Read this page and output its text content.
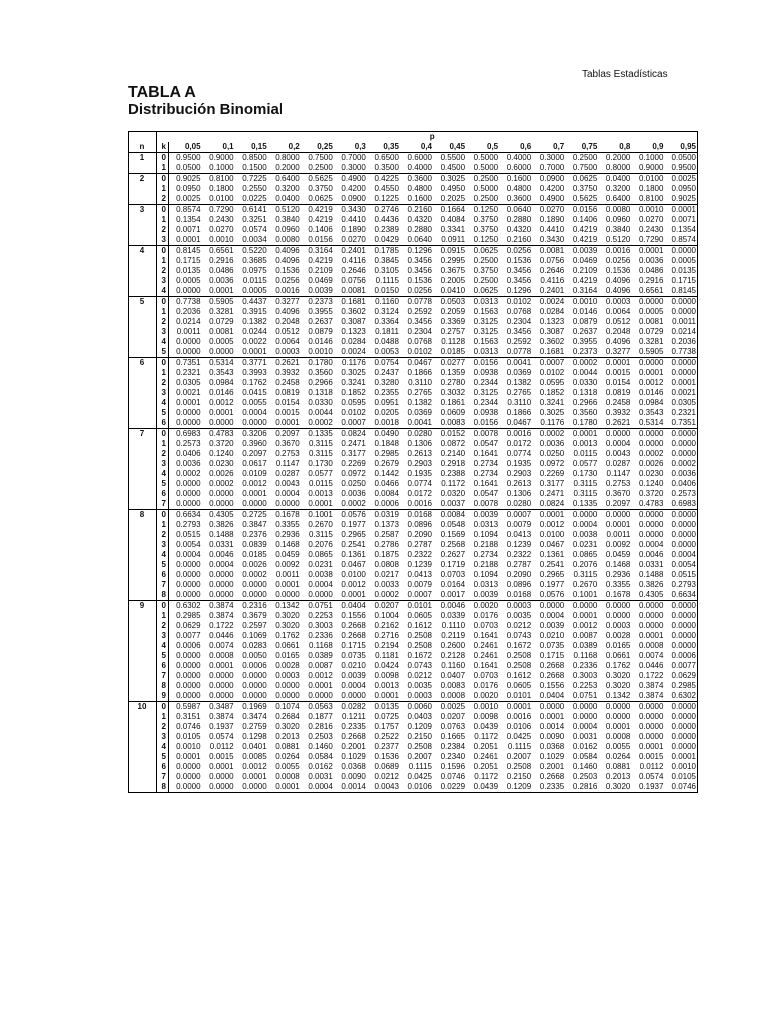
Tablas Estadísticas
TABLA A
Distribución Binomial
		p															
n	k	0,05	0,1	0,15	0,2	0,25	0,3	0,35	0,4	0,45	0,5	0,6	0,7	0,75	0,8	0,9	0,95
1	0	0.9500	0.9000	0.8500	0.8000	0.7500	0.7000	0.6500	0.6000	0.5500	0.5000	0.4000	0.3000	0.2500	0.2000	0.1000	0.0500
	1	0.0500	0.1000	0.1500	0.2000	0.2500	0.3000	0.3500	0.4000	0.4500	0.5000	0.6000	0.7000	0.7500	0.8000	0.9000	0.9500
2	0	0.9025	0.8100	0.7225	0.6400	0.5625	0.4900	0.4225	0.3600	0.3025	0.2500	0.1600	0.0900	0.0625	0.0400	0.0100	0.0025
	1	0.0950	0.1800	0.2550	0.3200	0.3750	0.4200	0.4550	0.4800	0.4950	0.5000	0.4800	0.4200	0.3750	0.3200	0.1800	0.0950
	2	0.0025	0.0100	0.0225	0.0400	0.0625	0.0900	0.1225	0.1600	0.2025	0.2500	0.3600	0.4900	0.5625	0.6400	0.8100	0.9025
3	0	0.8574	0.7290	0.6141	0.5120	0.4219	0.3430	0.2746	0.2160	0.1664	0.1250	0.0640	0.0270	0.0156	0.0080	0.0010	0.0001
	1	0.1354	0.2430	0.3251	0.3840	0.4219	0.4410	0.4436	0.4320	0.4084	0.3750	0.2880	0.1890	0.1406	0.0960	0.0270	0.0071
	2	0.0071	0.0270	0.0574	0.0960	0.1406	0.1890	0.2389	0.2880	0.3341	0.3750	0.4320	0.4410	0.4219	0.3840	0.2430	0.1354
	3	0.0001	0.0010	0.0034	0.0080	0.0156	0.0270	0.0429	0.0640	0.0911	0.1250	0.2160	0.3430	0.4219	0.5120	0.7290	0.8574
4	0	0.8145	0.6561	0.5220	0.4096	0.3164	0.2401	0.1785	0.1296	0.0915	0.0625	0.0256	0.0081	0.0039	0.0016	0.0001	0.0000
	1	0.1715	0.2916	0.3685	0.4096	0.4219	0.4116	0.3845	0.3456	0.2995	0.2500	0.1536	0.0756	0.0469	0.0256	0.0036	0.0005
	2	0.0135	0.0486	0.0975	0.1536	0.2109	0.2646	0.3105	0.3456	0.3675	0.3750	0.3456	0.2646	0.2109	0.1536	0.0486	0.0135
	3	0.0005	0.0036	0.0115	0.0256	0.0469	0.0756	0.1115	0.1536	0.2005	0.2500	0.3456	0.4116	0.4219	0.4096	0.2916	0.1715
	4	0.0000	0.0001	0.0005	0.0016	0.0039	0.0081	0.0150	0.0256	0.0410	0.0625	0.1296	0.2401	0.3164	0.4096	0.6561	0.8145
5	0	0.7738	0.5905	0.4437	0.3277	0.2373	0.1681	0.1160	0.0778	0.0503	0.0313	0.0102	0.0024	0.0010	0.0003	0.0000	0.0000
	1	0.2036	0.3281	0.3915	0.4096	0.3955	0.3602	0.3124	0.2592	0.2059	0.1563	0.0768	0.0284	0.0146	0.0064	0.0005	0.0000
	2	0.0214	0.0729	0.1382	0.2048	0.2637	0.3087	0.3364	0.3456	0.3369	0.3125	0.2304	0.1323	0.0879	0.0512	0.0081	0.0011
	3	0.0011	0.0081	0.0244	0.0512	0.0879	0.1323	0.1811	0.2304	0.2757	0.3125	0.3456	0.3087	0.2637	0.2048	0.0729	0.0214
	4	0.0000	0.0005	0.0022	0.0064	0.0146	0.0284	0.0488	0.0768	0.1128	0.1563	0.2592	0.3602	0.3955	0.4096	0.3281	0.2036
	5	0.0000	0.0000	0.0001	0.0003	0.0010	0.0024	0.0053	0.0102	0.0185	0.0313	0.0778	0.1681	0.2373	0.3277	0.5905	0.7738
6	0	0.7351	0.5314	0.3771	0.2621	0.1780	0.1176	0.0754	0.0467	0.0277	0.0156	0.0041	0.0007	0.0002	0.0001	0.0000	0.0000
	1	0.2321	0.3543	0.3993	0.3932	0.3560	0.3025	0.2437	0.1866	0.1359	0.0938	0.0369	0.0102	0.0044	0.0015	0.0001	0.0000
	2	0.0305	0.0984	0.1762	0.2458	0.2966	0.3241	0.3280	0.3110	0.2780	0.2344	0.1382	0.0595	0.0330	0.0154	0.0012	0.0001
	3	0.0021	0.0146	0.0415	0.0819	0.1318	0.1852	0.2355	0.2765	0.3032	0.3125	0.2765	0.1852	0.1318	0.0819	0.0146	0.0021
	4	0.0001	0.0012	0.0055	0.0154	0.0330	0.0595	0.0951	0.1382	0.1861	0.2344	0.3110	0.3241	0.2966	0.2458	0.0984	0.0305
	5	0.0000	0.0001	0.0004	0.0015	0.0044	0.0102	0.0205	0.0369	0.0609	0.0938	0.1866	0.3025	0.3560	0.3932	0.3543	0.2321
	6	0.0000	0.0000	0.0000	0.0001	0.0002	0.0007	0.0018	0.0041	0.0083	0.0156	0.0467	0.1176	0.1780	0.2621	0.5314	0.7351
7	0	0.6983	0.4783	0.3206	0.2097	0.1335	0.0824	0.0490	0.0280	0.0152	0.0078	0.0016	0.0002	0.0001	0.0000	0.0000	0.0000
	1	0.2573	0.3720	0.3960	0.3670	0.3115	0.2471	0.1848	0.1306	0.0872	0.0547	0.0172	0.0036	0.0013	0.0004	0.0000	0.0000
	2	0.0406	0.1240	0.2097	0.2753	0.3115	0.3177	0.2985	0.2613	0.2140	0.1641	0.0774	0.0250	0.0115	0.0043	0.0002	0.0000
	3	0.0036	0.0230	0.0617	0.1147	0.1730	0.2269	0.2679	0.2903	0.2918	0.2734	0.1935	0.0972	0.0577	0.0287	0.0026	0.0002
	4	0.0002	0.0026	0.0109	0.0287	0.0577	0.0972	0.1442	0.1935	0.2388	0.2734	0.2903	0.2269	0.1730	0.1147	0.0230	0.0036
	5	0.0000	0.0002	0.0012	0.0043	0.0115	0.0250	0.0466	0.0774	0.1172	0.1641	0.2613	0.3177	0.3115	0.2753	0.1240	0.0406
	6	0.0000	0.0000	0.0001	0.0004	0.0013	0.0036	0.0084	0.0172	0.0320	0.0547	0.1306	0.2471	0.3115	0.3670	0.3720	0.2573
	7	0.0000	0.0000	0.0000	0.0000	0.0001	0.0002	0.0006	0.0016	0.0037	0.0078	0.0280	0.0824	0.1335	0.2097	0.4783	0.6983
8	0	0.6634	0.4305	0.2725	0.1678	0.1001	0.0576	0.0319	0.0168	0.0084	0.0039	0.0007	0.0001	0.0000	0.0000	0.0000	0.0000
	1	0.2793	0.3826	0.3847	0.3355	0.2670	0.1977	0.1373	0.0896	0.0548	0.0313	0.0079	0.0012	0.0004	0.0001	0.0000	0.0000
	2	0.0515	0.1488	0.2376	0.2936	0.3115	0.2965	0.2587	0.2090	0.1569	0.1094	0.0413	0.0100	0.0038	0.0011	0.0000	0.0000
	3	0.0054	0.0331	0.0839	0.1468	0.2076	0.2541	0.2786	0.2787	0.2568	0.2188	0.1239	0.0467	0.0231	0.0092	0.0004	0.0000
	4	0.0004	0.0046	0.0185	0.0459	0.0865	0.1361	0.1875	0.2322	0.2627	0.2734	0.2322	0.1361	0.0865	0.0459	0.0046	0.0004
	5	0.0000	0.0004	0.0026	0.0092	0.0231	0.0467	0.0808	0.1239	0.1719	0.2188	0.2787	0.2541	0.2076	0.1468	0.0331	0.0054
	6	0.0000	0.0000	0.0002	0.0011	0.0038	0.0100	0.0217	0.0413	0.0703	0.1094	0.2090	0.2965	0.3115	0.2936	0.1488	0.0515
	7	0.0000	0.0000	0.0000	0.0001	0.0004	0.0012	0.0033	0.0079	0.0164	0.0313	0.0896	0.1977	0.2670	0.3355	0.3826	0.2793
	8	0.0000	0.0000	0.0000	0.0000	0.0000	0.0001	0.0002	0.0007	0.0017	0.0039	0.0168	0.0576	0.1001	0.1678	0.4305	0.6634
9	0	0.6302	0.3874	0.2316	0.1342	0.0751	0.0404	0.0207	0.0101	0.0046	0.0020	0.0003	0.0000	0.0000	0.0000	0.0000	0.0000
	1	0.2985	0.3874	0.3679	0.3020	0.2253	0.1556	0.1004	0.0605	0.0339	0.0176	0.0035	0.0004	0.0001	0.0000	0.0000	0.0000
	2	0.0629	0.1722	0.2597	0.3020	0.3003	0.2668	0.2162	0.1612	0.1110	0.0703	0.0212	0.0039	0.0012	0.0003	0.0000	0.0000
	3	0.0077	0.0446	0.1069	0.1762	0.2336	0.2668	0.2716	0.2508	0.2119	0.1641	0.0743	0.0210	0.0087	0.0028	0.0001	0.0000
	4	0.0006	0.0074	0.0283	0.0661	0.1168	0.1715	0.2194	0.2508	0.2600	0.2461	0.1672	0.0735	0.0389	0.0165	0.0008	0.0000
	5	0.0000	0.0008	0.0050	0.0165	0.0389	0.0735	0.1181	0.1672	0.2128	0.2461	0.2508	0.1715	0.1168	0.0661	0.0074	0.0006
	6	0.0000	0.0001	0.0006	0.0028	0.0087	0.0210	0.0424	0.0743	0.1160	0.1641	0.2508	0.2668	0.2336	0.1762	0.0446	0.0077
	7	0.0000	0.0000	0.0000	0.0003	0.0012	0.0039	0.0098	0.0212	0.0407	0.0703	0.1612	0.2668	0.3003	0.3020	0.1722	0.0629
	8	0.0000	0.0000	0.0000	0.0000	0.0001	0.0004	0.0013	0.0035	0.0083	0.0176	0.0605	0.1556	0.2253	0.3020	0.3874	0.2985
	9	0.0000	0.0000	0.0000	0.0000	0.0000	0.0000	0.0001	0.0003	0.0008	0.0020	0.0101	0.0404	0.0751	0.1342	0.3874	0.6302
10	0	0.5987	0.3487	0.1969	0.1074	0.0563	0.0282	0.0135	0.0060	0.0025	0.0010	0.0001	0.0000	0.0000	0.0000	0.0000	0.0000
	1	0.3151	0.3874	0.3474	0.2684	0.1877	0.1211	0.0725	0.0403	0.0207	0.0098	0.0016	0.0001	0.0000	0.0000	0.0000	0.0000
	2	0.0746	0.1937	0.2759	0.3020	0.2816	0.2335	0.1757	0.1209	0.0763	0.0439	0.0106	0.0014	0.0004	0.0001	0.0000	0.0000
	3	0.0105	0.0574	0.1298	0.2013	0.2503	0.2668	0.2522	0.2150	0.1665	0.1172	0.0425	0.0090	0.0031	0.0008	0.0000	0.0000
	4	0.0010	0.0112	0.0401	0.0881	0.1460	0.2001	0.2377	0.2508	0.2384	0.2051	0.1115	0.0368	0.0162	0.0055	0.0001	0.0000
	5	0.0001	0.0015	0.0085	0.0264	0.0584	0.1029	0.1536	0.2007	0.2340	0.2461	0.2007	0.1029	0.0584	0.0264	0.0015	0.0001
	6	0.0000	0.0001	0.0012	0.0055	0.0162	0.0368	0.0689	0.1115	0.1596	0.2051	0.2508	0.2001	0.1460	0.0881	0.0112	0.0010
	7	0.0000	0.0000	0.0001	0.0008	0.0031	0.0090	0.0212	0.0425	0.0746	0.1172	0.2150	0.2668	0.2503	0.2013	0.0574	0.0105
	8	0.0000	0.0000	0.0000	0.0001	0.0004	0.0014	0.0043	0.0106	0.0229	0.0439	0.1209	0.2335	0.2816	0.3020	0.1937	0.0746
